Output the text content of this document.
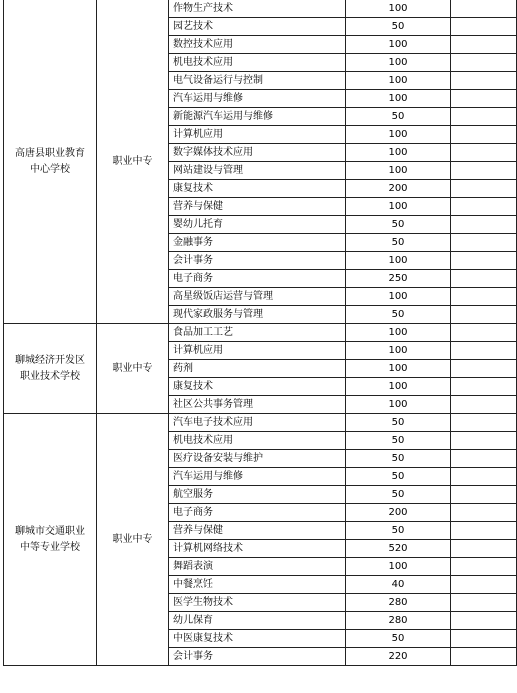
高唐县职业教育
中心学校	职业中专	作物生产技术	100	
		园艺技术	50	
		数控技术应用	100	
		机电技术应用	100	
		电气设备运行与控制	100	
		汽车运用与维修	100	
		新能源汽车运用与维修	50	
		计算机应用	100	
		数字媒体技术应用	100	
		网站建设与管理	100	
		康复技术	200	
		营养与保健	100	
		婴幼儿托育	50	
		金融事务	50	
		会计事务	100	
		电子商务	250	
		高星级饭店运营与管理	100	
		现代家政服务与管理	50	
聊城经济开发区
职业技术学校	职业中专	食品加工工艺	100	
		计算机应用	100	
		药剂	100	
		康复技术	100	
		社区公共事务管理	100	
聊城市交通职业
中等专业学校	职业中专	汽车电子技术应用	50	
		机电技术应用	50	
		医疗设备安装与维护	50	
		汽车运用与维修	50	
		航空服务	50	
		电子商务	200	
		营养与保健	50	
		计算机网络技术	520	
		舞蹈表演	100	
		中餐烹饪	40	
		医学生物技术	280	
		幼儿保育	280	
		中医康复技术	50	
		会计事务	220	
